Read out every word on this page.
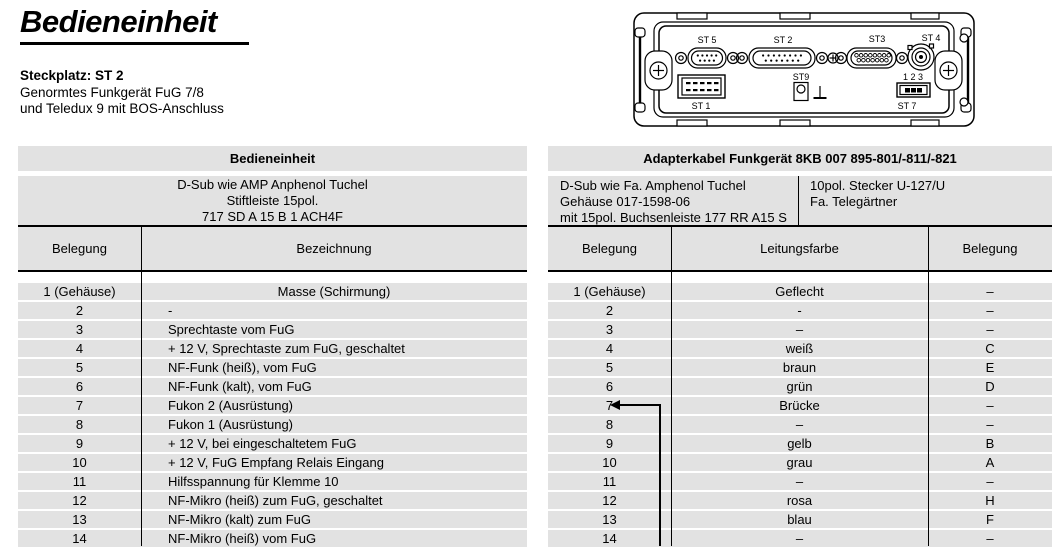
Bedieneinheit
Steckplatz: ST 2
Genormtes Funkgerät FuG 7/8
und Teledux 9 mit BOS-Anschluss
ST 5	ST 2	ST3	ST 4
ST 1
ST9	1 2 3
ST 7
Bedieneinheit
D-Sub wie AMP Anphenol Tuchel
Stiftleiste 15pol.
717 SD A 15 B 1 ACH4F
Belegung	Bezeichnung
1 (Gehäuse)	Masse (Schirmung)
2	-
3	Sprechtaste vom FuG
4	+ 12 V, Sprechtaste zum FuG, geschaltet
5	NF-Funk (heiß), vom FuG
6	NF-Funk (kalt), vom FuG
7	Fukon 2 (Ausrüstung)
8	Fukon 1 (Ausrüstung)
9	+ 12 V, bei eingeschaltetem FuG
10	+ 12 V, FuG Empfang Relais Eingang
11	Hilfsspannung für Klemme 10
12	NF-Mikro (heiß) zum FuG, geschaltet
13	NF-Mikro (kalt) zum FuG
14	NF-Mikro (heiß) vom FuG
Adapterkabel Funkgerät 8KB 007 895-801/-811/-821
D-Sub wie Fa. Amphenol Tuchel
Gehäuse 017-1598-06
mit 15pol. Buchsenleiste 177 RR A15 S
10pol. Stecker U-127/U
Fa. Telegärtner
Belegung	Leitungsfarbe	Belegung
1 (Gehäuse)	Geflecht	–
2	-	–
3	–	–
4	weiß	C
5	braun	E
6	grün	D
7	Brücke	–
8	–	–
9	gelb	B
10	grau	A
11	–	–
12	rosa	H
13	blau	F
14	–	–
